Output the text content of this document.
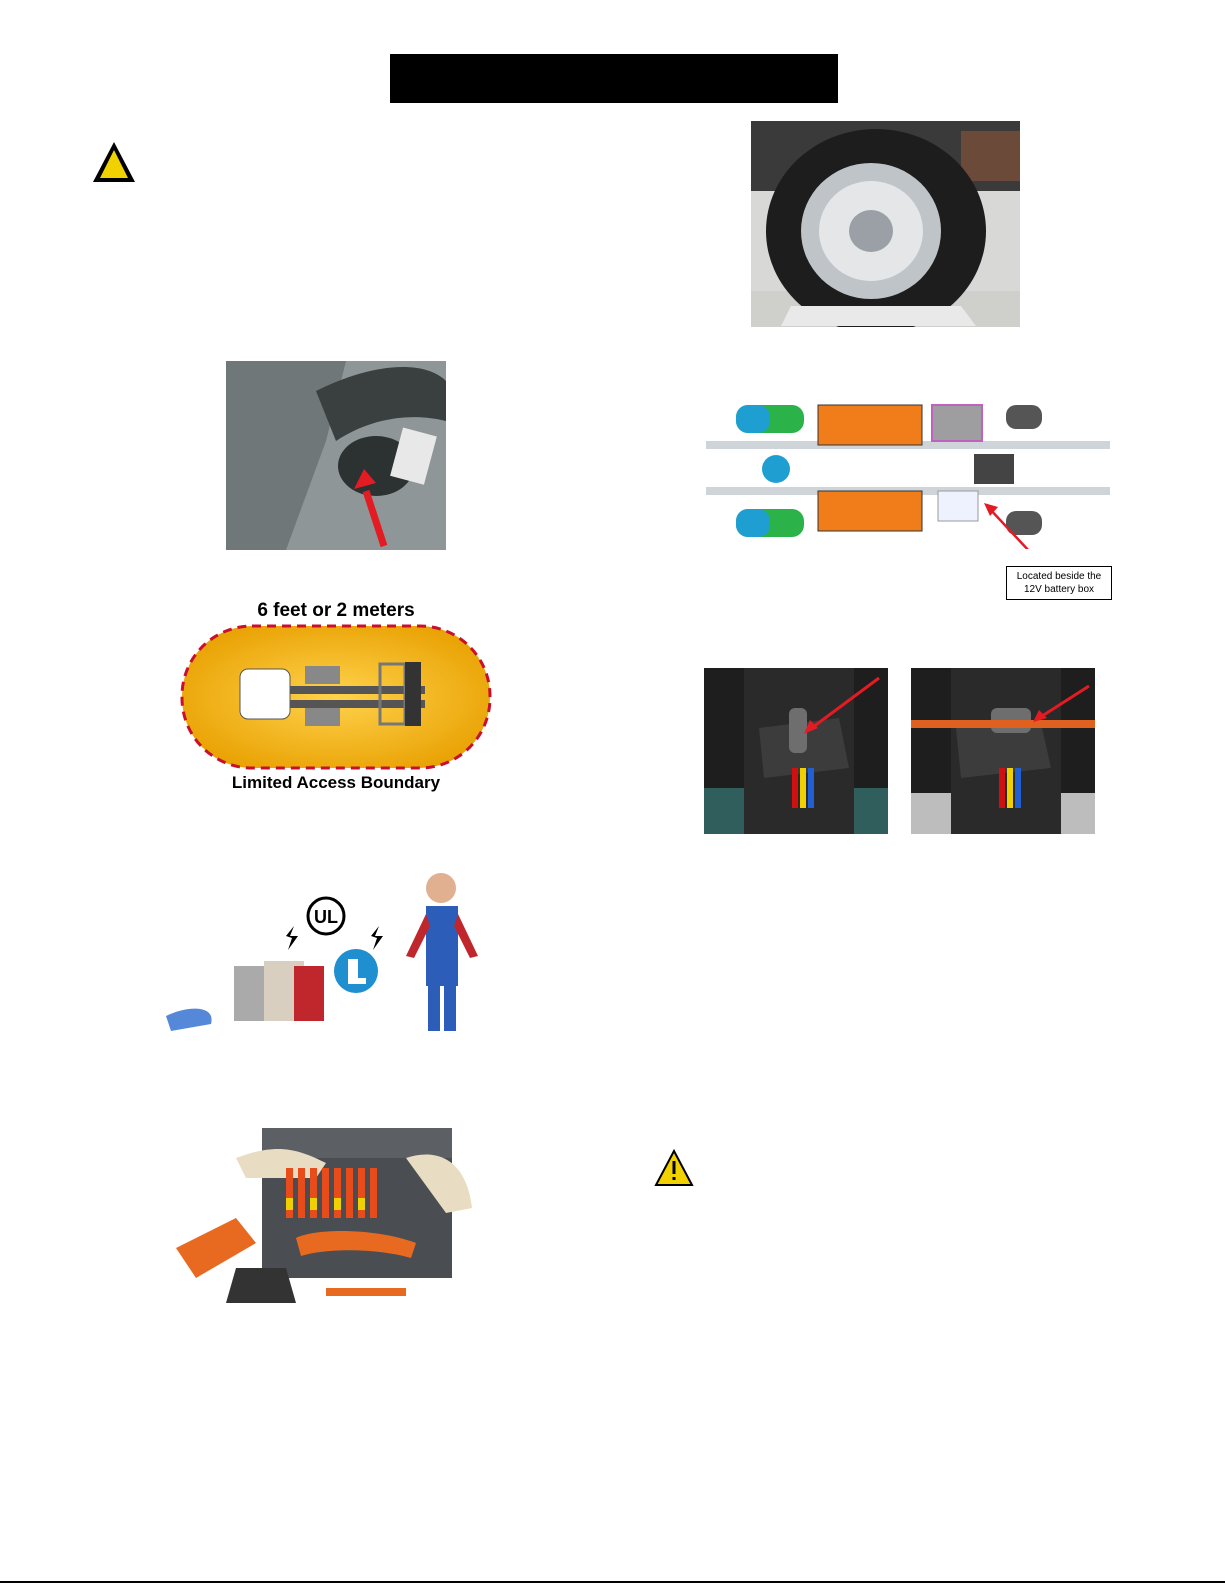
Located beside the 12V battery box
6 feet or 2 meters
Limited Access Boundary
UL
